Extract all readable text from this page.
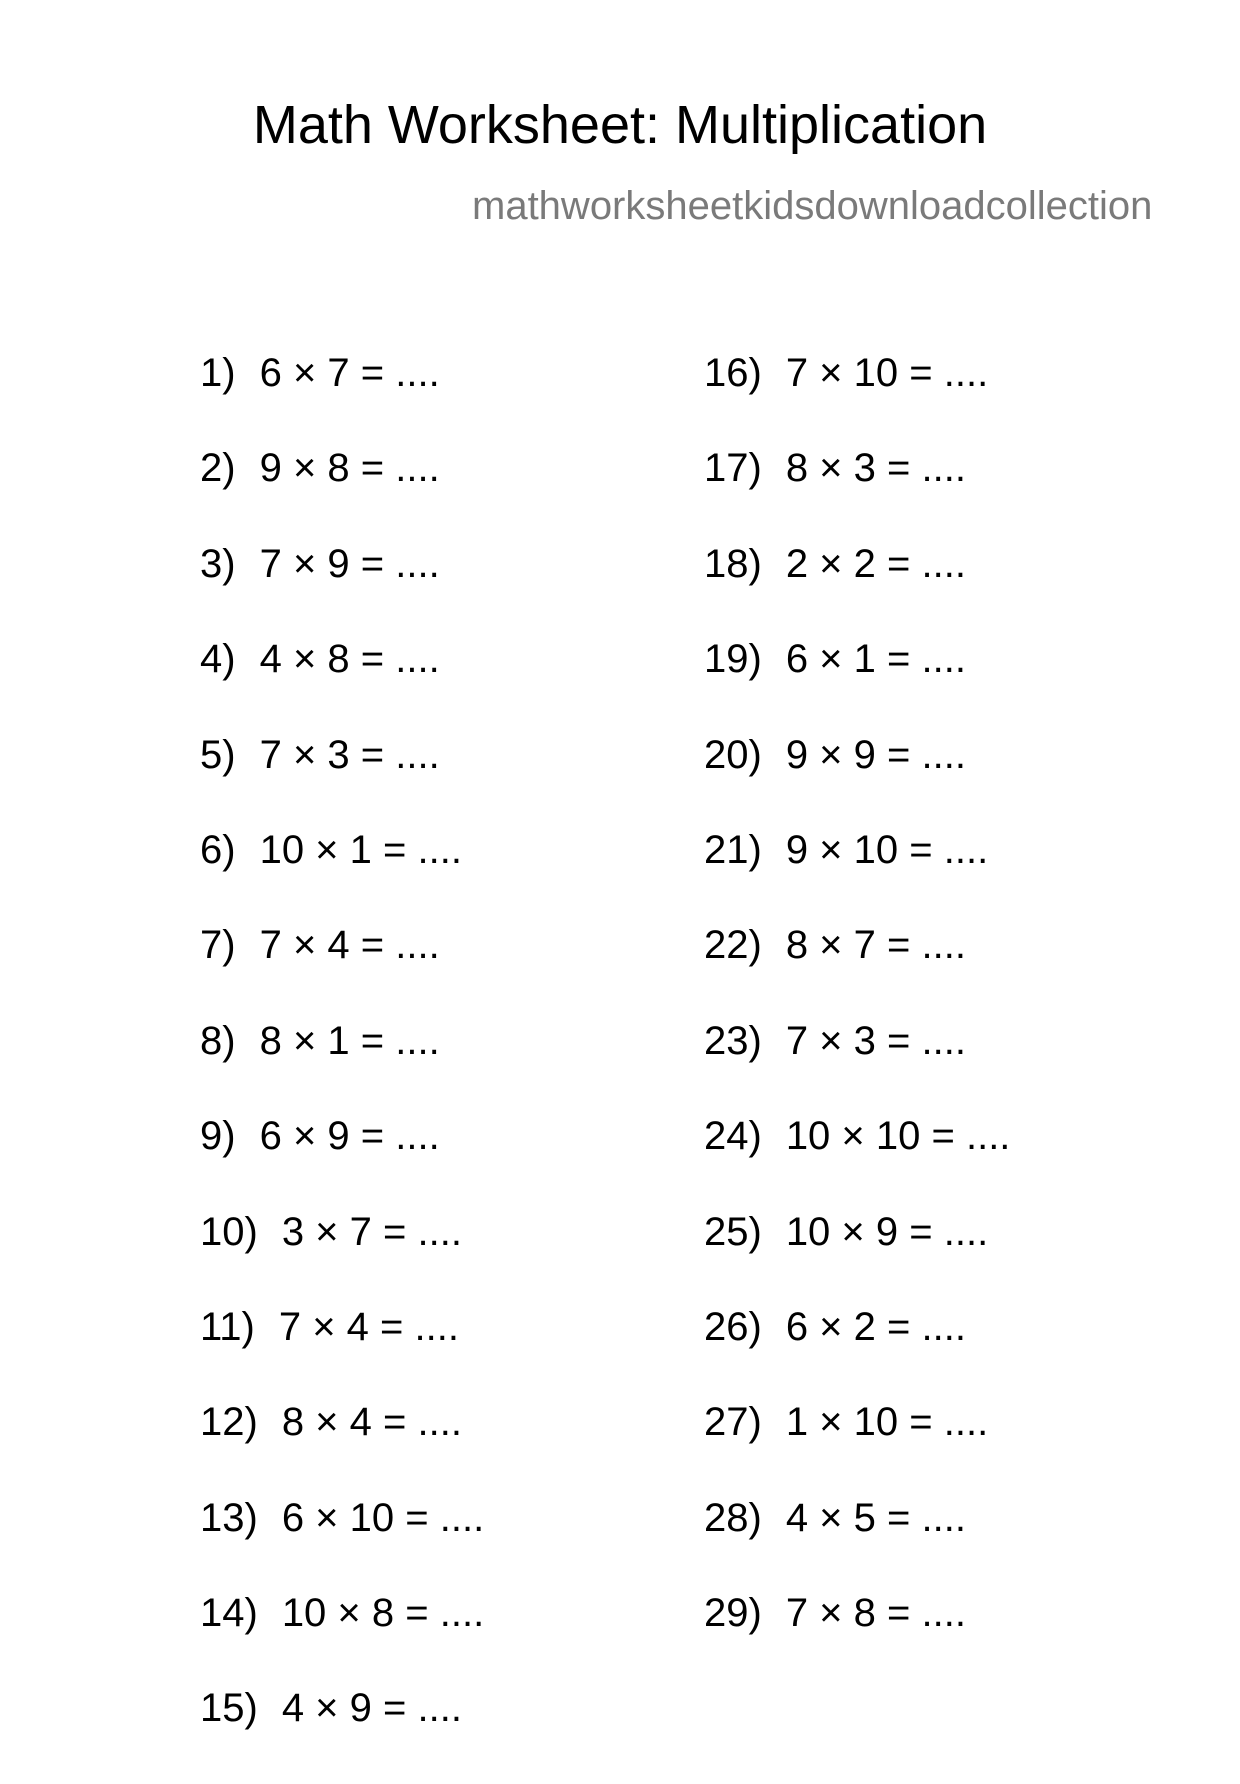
Math Worksheet: Multiplication
mathworksheetkidsdownloadcollection
1) 6 × 7 = ....
2) 9 × 8 = ....
3) 7 × 9 = ....
4) 4 × 8 = ....
5) 7 × 3 = ....
6) 10 × 1 = ....
7) 7 × 4 = ....
8) 8 × 1 = ....
9) 6 × 9 = ....
10) 3 × 7 = ....
11) 7 × 4 = ....
12) 8 × 4 = ....
13) 6 × 10 = ....
14) 10 × 8 = ....
15) 4 × 9 = ....
16) 7 × 10 = ....
17) 8 × 3 = ....
18) 2 × 2 = ....
19) 6 × 1 = ....
20) 9 × 9 = ....
21) 9 × 10 = ....
22) 8 × 7 = ....
23) 7 × 3 = ....
24) 10 × 10 = ....
25) 10 × 9 = ....
26) 6 × 2 = ....
27) 1 × 10 = ....
28) 4 × 5 = ....
29) 7 × 8 = ....
